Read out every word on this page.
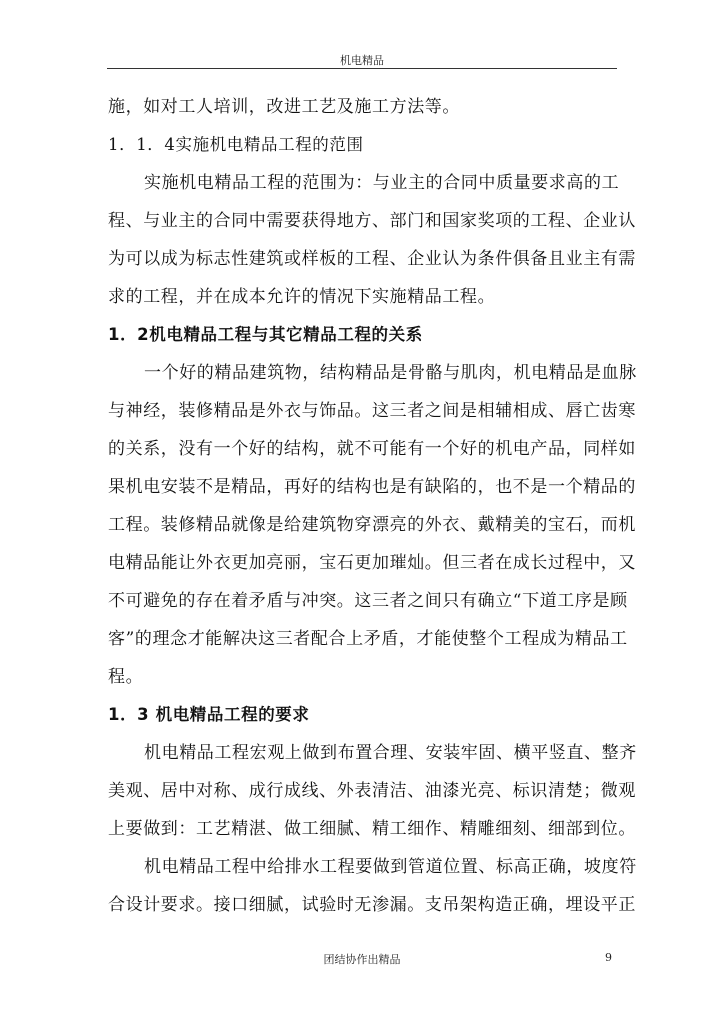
机电精品
施，如对工人培训，改进工艺及施工方法等。
1．1．4实施机电精品工程的范围
实施机电精品工程的范围为：与业主的合同中质量要求高的工
程、与业主的合同中需要获得地方、部门和国家奖项的工程、企业认
为可以成为标志性建筑或样板的工程、企业认为条件俱备且业主有需
求的工程，并在成本允许的情况下实施精品工程。
1．2机电精品工程与其它精品工程的关系
一个好的精品建筑物，结构精品是骨骼与肌肉，机电精品是血脉
与神经，装修精品是外衣与饰品。这三者之间是相辅相成、唇亡齿寒
的关系，没有一个好的结构，就不可能有一个好的机电产品，同样如
果机电安装不是精品，再好的结构也是有缺陷的，也不是一个精品的
工程。装修精品就像是给建筑物穿漂亮的外衣、戴精美的宝石，而机
电精品能让外衣更加亮丽，宝石更加璀灿。但三者在成长过程中，又
不可避免的存在着矛盾与冲突。这三者之间只有确立“下道工序是顾
客”的理念才能解决这三者配合上矛盾，才能使整个工程成为精品工
程。
1．3 机电精品工程的要求
机电精品工程宏观上做到布置合理、安装牢固、横平竖直、整齐
美观、居中对称、成行成线、外表清洁、油漆光亮、标识清楚；微观
上要做到：工艺精湛、做工细腻、精工细作、精雕细刻、细部到位。
机电精品工程中给排水工程要做到管道位置、标高正确，坡度符
合设计要求。接口细腻，试验时无渗漏。支吊架构造正确，埋设平正
团结协作出精品	9
